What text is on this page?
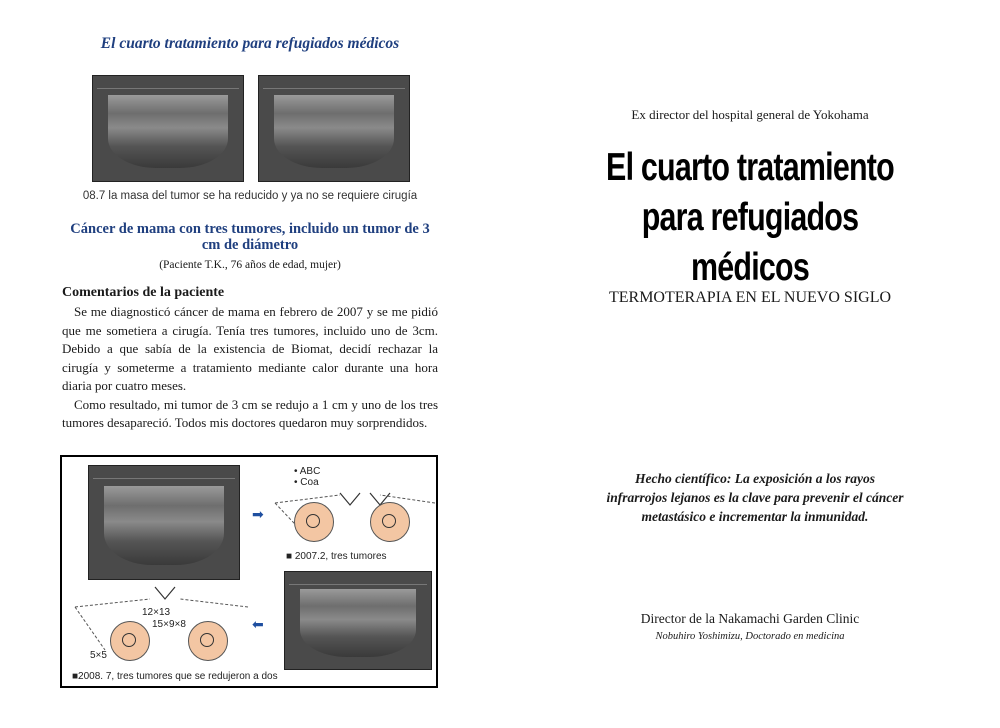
El cuarto tratamiento para refugiados médicos
08.7 la masa del tumor se ha reducido y ya no se requiere cirugía
Cáncer de mama con tres tumores, incluido un tumor de 3 cm de diámetro
(Paciente T.K., 76 años de edad, mujer)
Comentarios de la paciente

Se me diagnosticó cáncer de mama en febrero de 2007 y se me pidió que me sometiera a cirugía. Tenía tres tumores, incluido uno de 3cm. Debido a que sabía de la existencia de Biomat, decidí rechazar la cirugía y someterme a tratamiento mediante calor durante una hora diaria por cuatro meses.

Como resultado, mi tumor de 3 cm se redujo a 1 cm y uno de los tres tumores desapareció. Todos mis doctores quedaron muy sorprendidos.

➡
• ABC
• Coa
■ 2007.2, tres tumores
⬅
12×13
15×9×8
5×5
■2008. 7, tres tumores que se redujeron a dos
Ex director del hospital general de Yokohama
El cuarto tratamiento para refugiados médicos
TERMOTERAPIA EN EL NUEVO SIGLO
Hecho científico: La exposición a los rayos infrarrojos lejanos es la clave para prevenir el cáncer metastásico e incrementar la inmunidad.
Director de la Nakamachi Garden Clinic
Nobuhiro Yoshimizu, Doctorado en medicina
